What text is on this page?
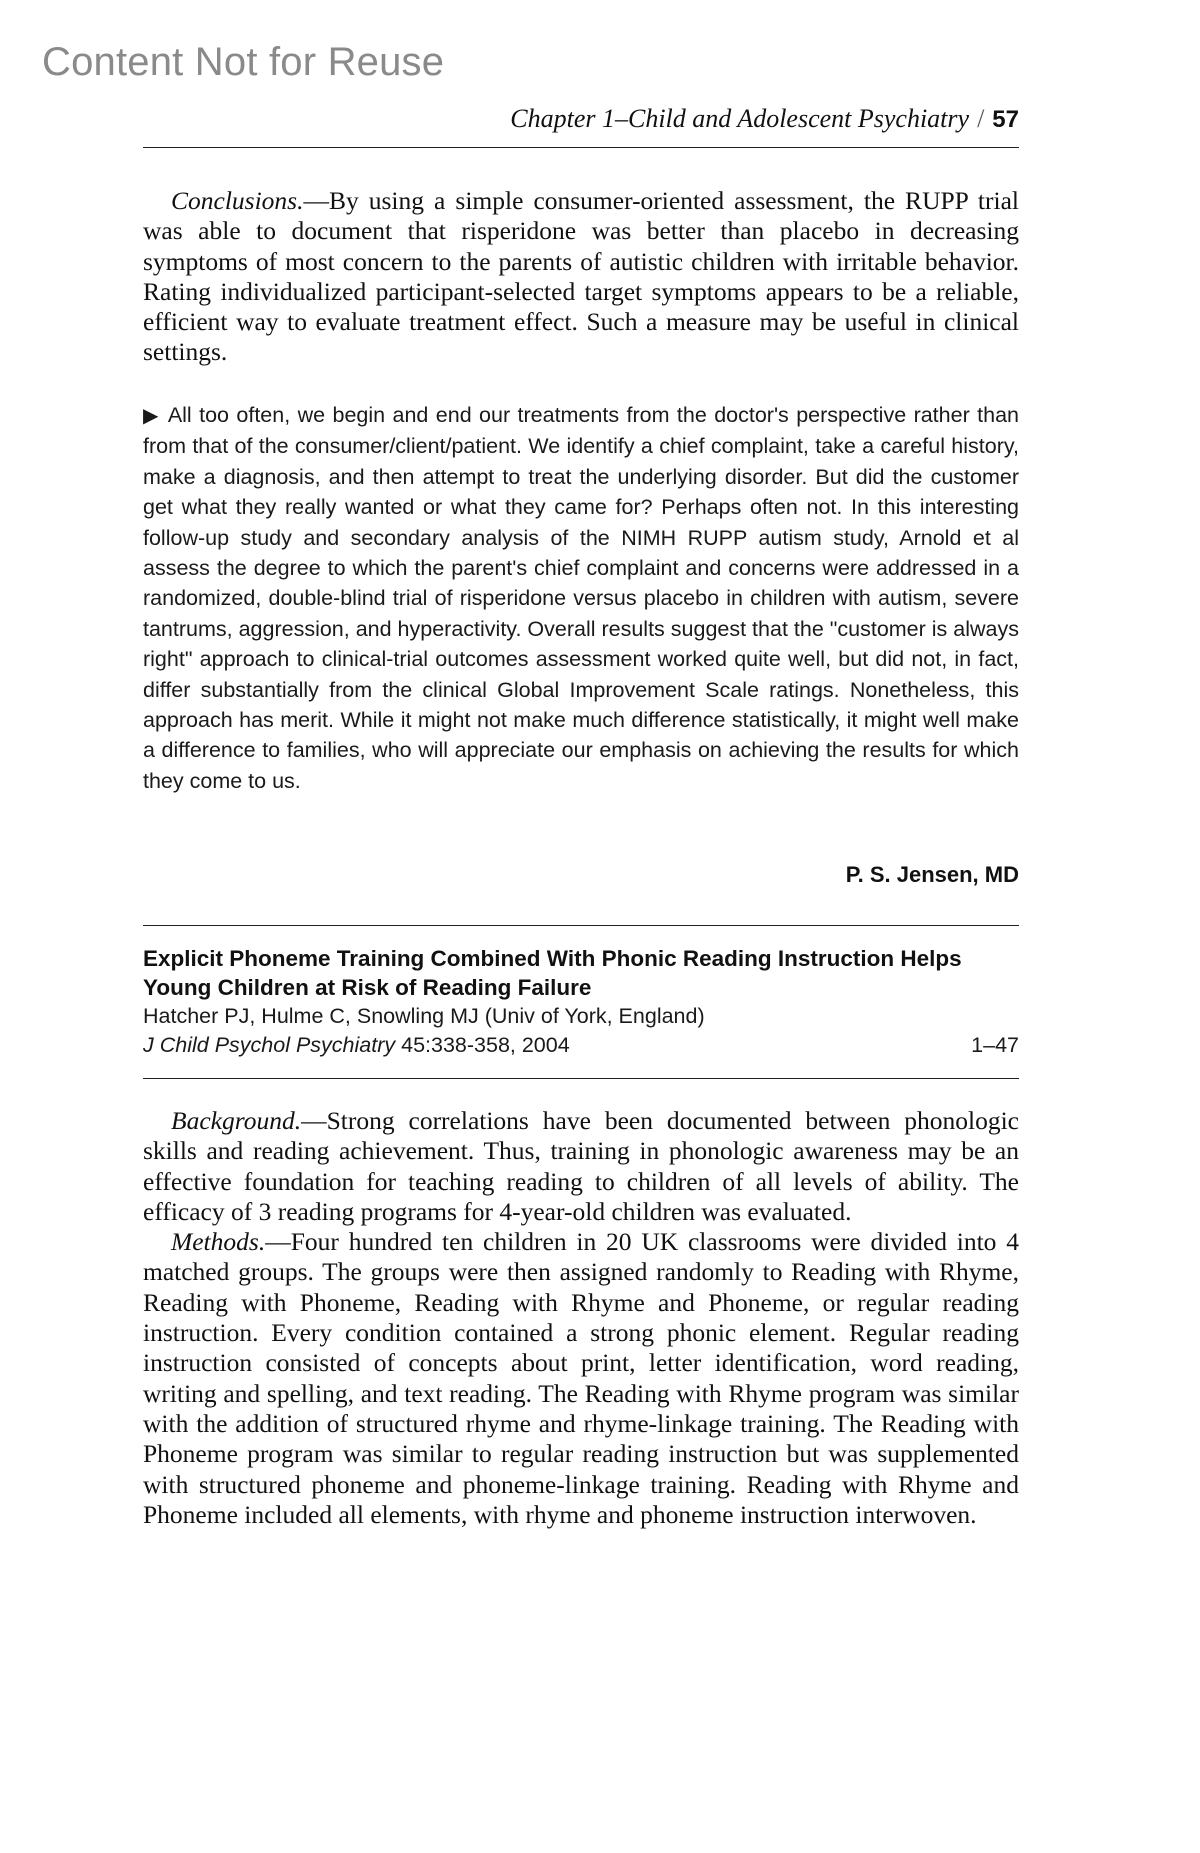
Content Not for Reuse
Chapter 1–Child and Adolescent Psychiatry / 57

Conclusions.—By using a simple consumer-oriented assessment, the RUPP trial was able to document that risperidone was better than placebo in decreasing symptoms of most concern to the parents of autistic children with irritable behavior. Rating individualized participant-selected target symptoms appears to be a reliable, efficient way to evaluate treatment effect. Such a measure may be useful in clinical settings.

▶ All too often, we begin and end our treatments from the doctor's perspective rather than from that of the consumer/client/patient. We identify a chief complaint, take a careful history, make a diagnosis, and then attempt to treat the underlying disorder. But did the customer get what they really wanted or what they came for? Perhaps often not. In this interesting follow-up study and secondary analysis of the NIMH RUPP autism study, Arnold et al assess the degree to which the parent's chief complaint and concerns were addressed in a randomized, double-blind trial of risperidone versus placebo in children with autism, severe tantrums, aggression, and hyperactivity. Overall results suggest that the "customer is always right" approach to clinical-trial outcomes assessment worked quite well, but did not, in fact, differ substantially from the clinical Global Improvement Scale ratings. Nonetheless, this approach has merit. While it might not make much difference statistically, it might well make a difference to families, who will appreciate our emphasis on achieving the results for which they come to us.

P. S. Jensen, MD

Explicit Phoneme Training Combined With Phonic Reading Instruction Helps Young Children at Risk of Reading Failure

Hatcher PJ, Hulme C, Snowling MJ (Univ of York, England)

J Child Psychol Psychiatry 45:338-358, 2004	1–47

Background.—Strong correlations have been documented between phonologic skills and reading achievement. Thus, training in phonologic awareness may be an effective foundation for teaching reading to children of all levels of ability. The efficacy of 3 reading programs for 4-year-old children was evaluated.

Methods.—Four hundred ten children in 20 UK classrooms were divided into 4 matched groups. The groups were then assigned randomly to Reading with Rhyme, Reading with Phoneme, Reading with Rhyme and Phoneme, or regular reading instruction. Every condition contained a strong phonic element. Regular reading instruction consisted of concepts about print, letter identification, word reading, writing and spelling, and text reading. The Reading with Rhyme program was similar with the addition of structured rhyme and rhyme-linkage training. The Reading with Phoneme program was similar to regular reading instruction but was supplemented with structured phoneme and phoneme-linkage training. Reading with Rhyme and Phoneme included all elements, with rhyme and phoneme instruction interwoven.
